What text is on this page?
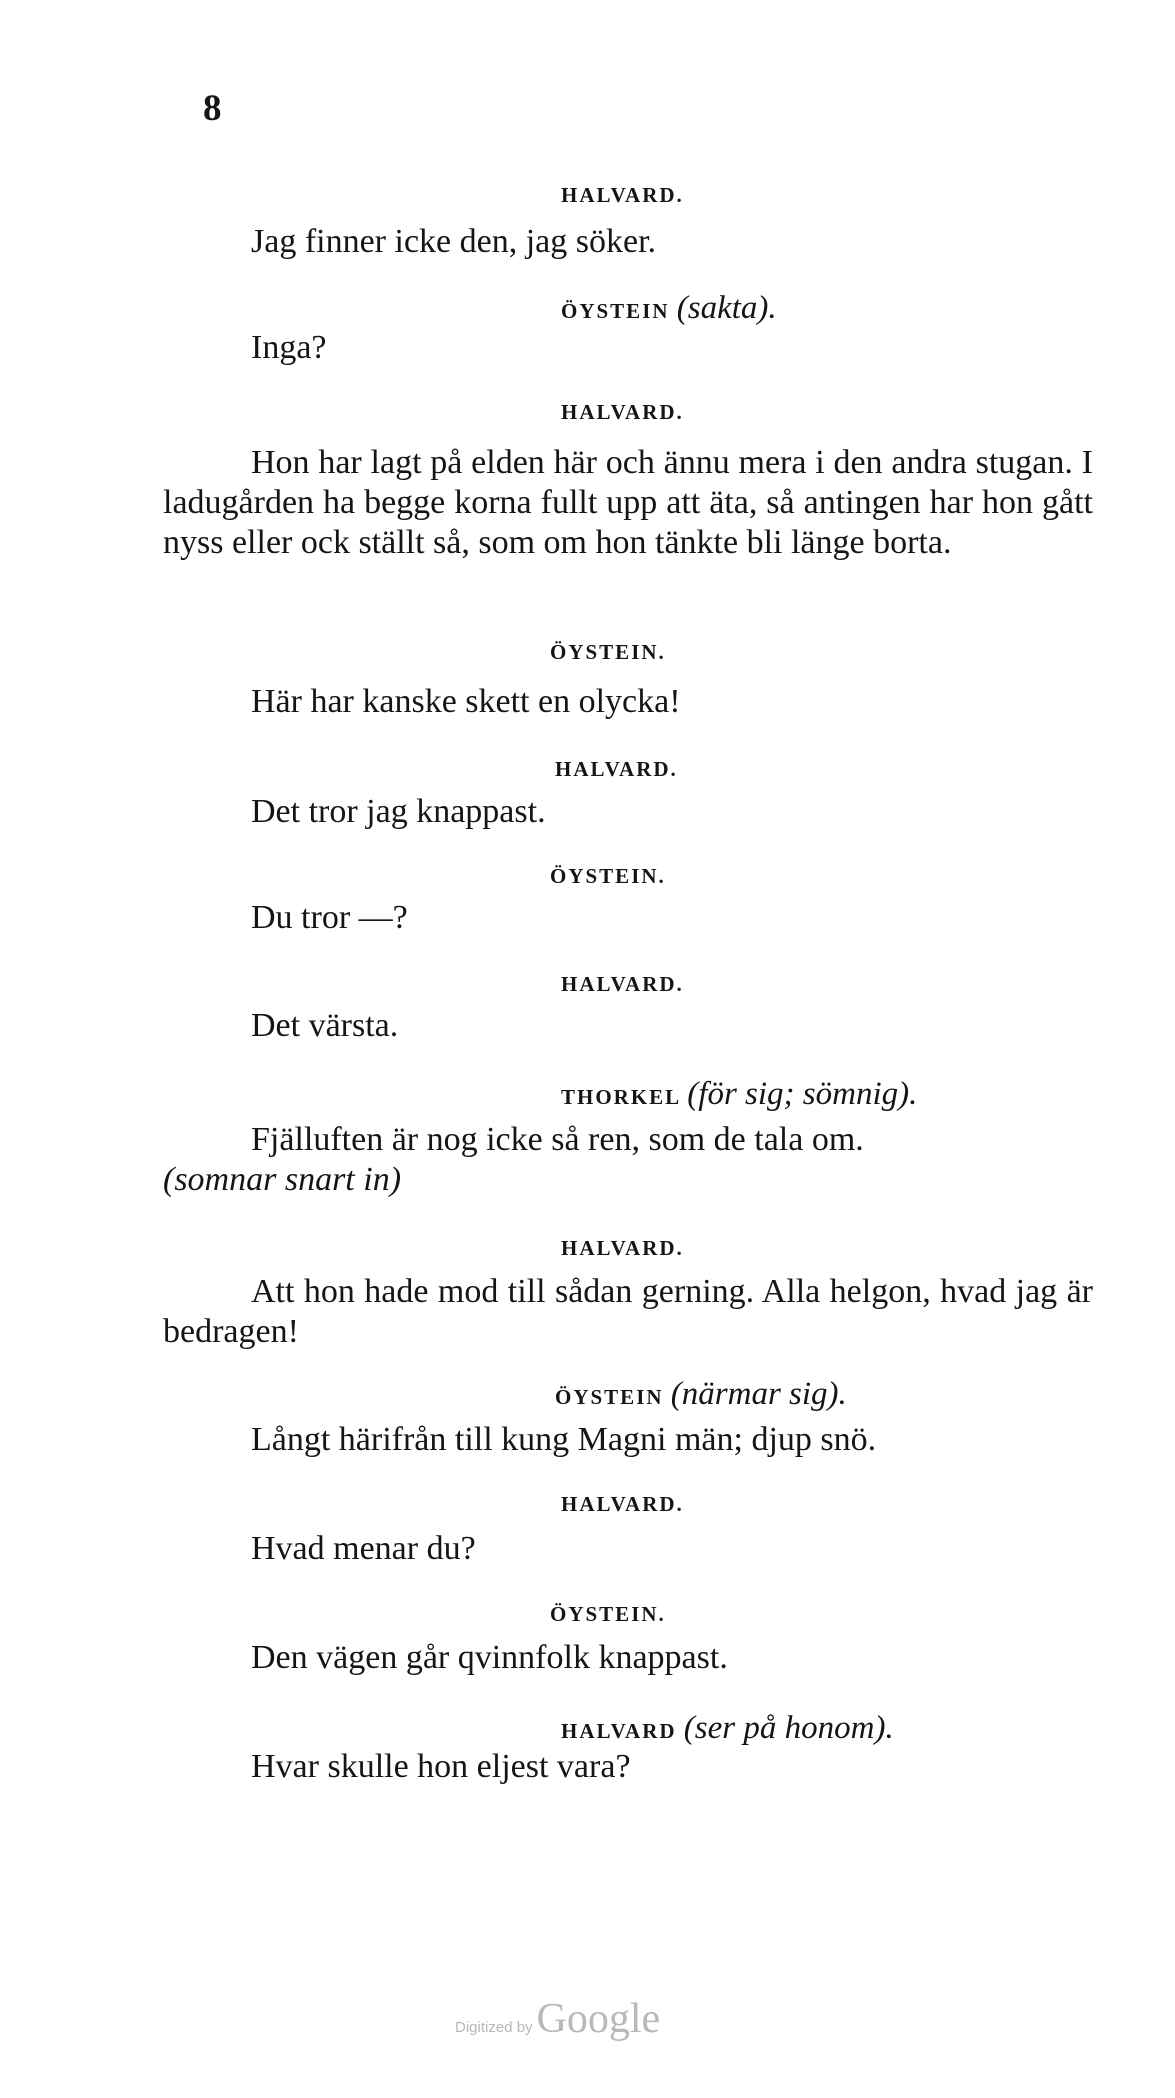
8
HALVARD.
Jag finner icke den, jag söker.
ÖYSTEIN (sakta).
Inga?
HALVARD.
Hon har lagt på elden här och ännu mera i den andra stugan. I ladugården ha begge korna fullt upp att äta, så antingen har hon gått nyss eller ock ställt så, som om hon tänkte bli länge borta.
ÖYSTEIN.
Här har kanske skett en olycka!
HALVARD.
Det tror jag knappast.
ÖYSTEIN.
Du tror —?
HALVARD.
Det värsta.
THORKEL (för sig; sömnig).
Fjälluften är nog icke så ren, som de tala om.
(somnar snart in)
HALVARD.
Att hon hade mod till sådan gerning. Alla helgon, hvad jag är bedragen!
ÖYSTEIN (närmar sig).
Långt härifrån till kung Magni män; djup snö.
HALVARD.
Hvad menar du?
ÖYSTEIN.
Den vägen går qvinnfolk knappast.
HALVARD (ser på honom).
Hvar skulle hon eljest vara?
Digitized by Google
